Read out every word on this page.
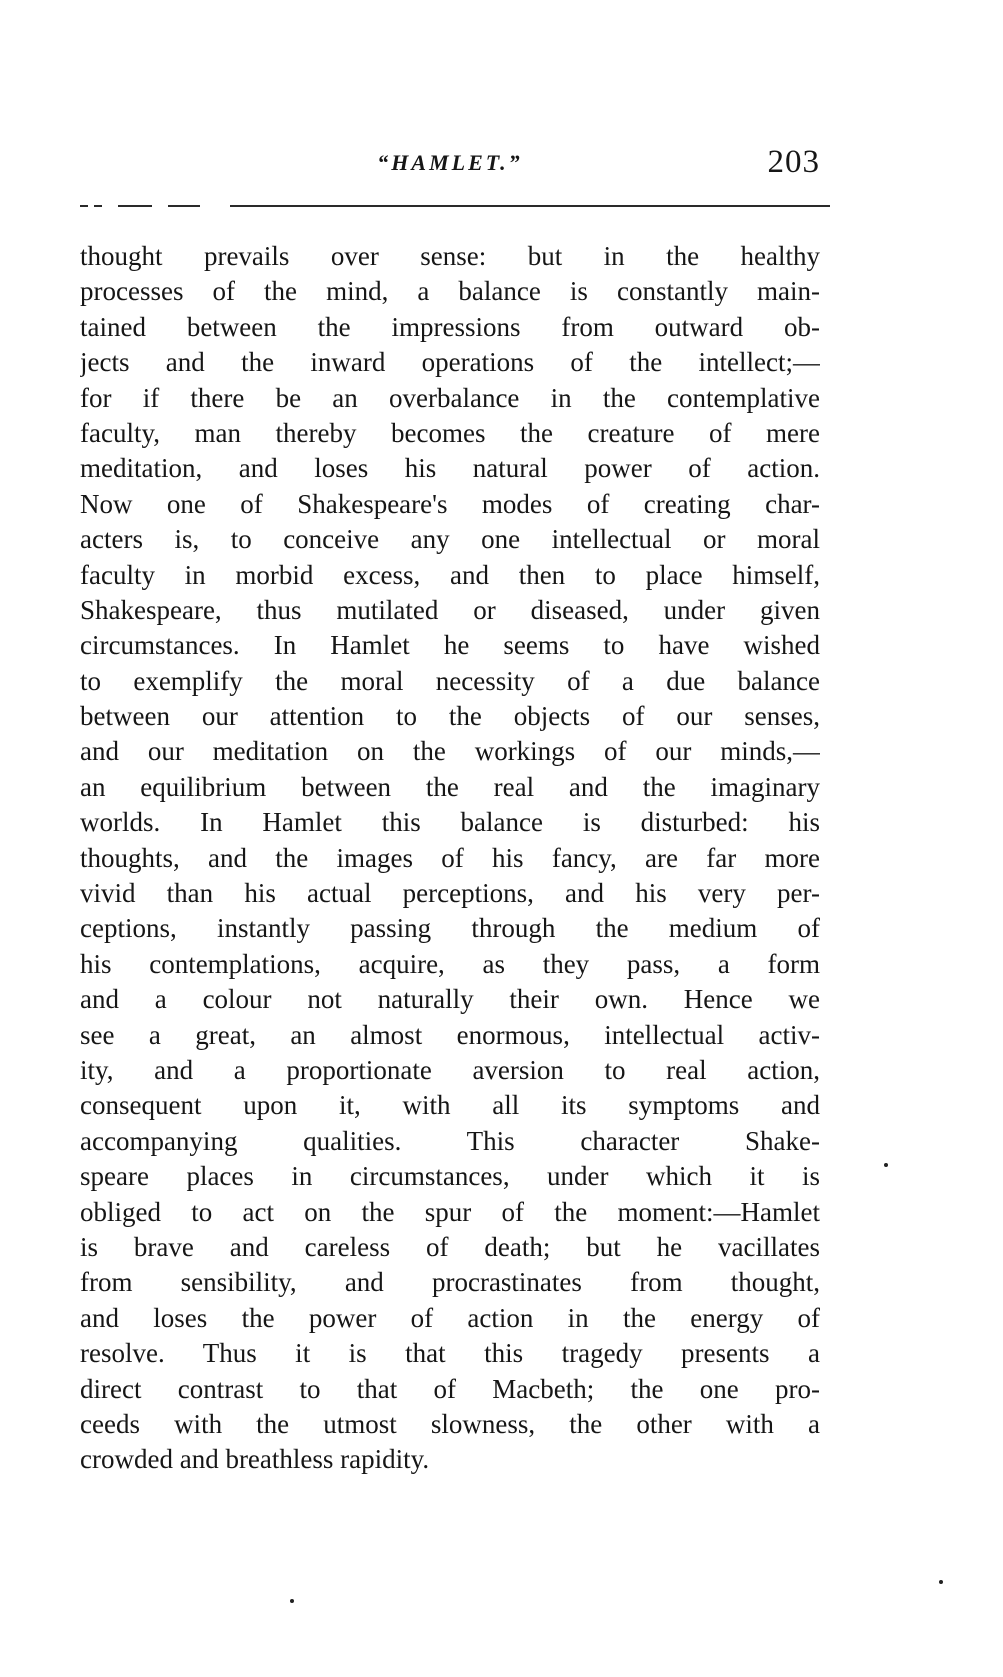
“HAMLET.”	203
thought prevails over sense: but in the healthy
processes of the mind, a balance is constantly main-
tained between the impressions from outward ob-
jects and the inward operations of the intellect;—
for if there be an overbalance in the contemplative
faculty, man thereby becomes the creature of mere
meditation, and loses his natural power of action.
Now one of Shakespeare's modes of creating char-
acters is, to conceive any one intellectual or moral
faculty in morbid excess, and then to place himself,
Shakespeare, thus mutilated or diseased, under given
circumstances. In Hamlet he seems to have wished
to exemplify the moral necessity of a due balance
between our attention to the objects of our senses,
and our meditation on the workings of our minds,—
an equilibrium between the real and the imaginary
worlds. In Hamlet this balance is disturbed: his
thoughts, and the images of his fancy, are far more
vivid than his actual perceptions, and his very per-
ceptions, instantly passing through the medium of
his contemplations, acquire, as they pass, a form
and a colour not naturally their own. Hence we
see a great, an almost enormous, intellectual activ-
ity, and a proportionate aversion to real action,
consequent upon it, with all its symptoms and
accompanying qualities. This character Shake-
speare places in circumstances, under which it is
obliged to act on the spur of the moment:—Hamlet
is brave and careless of death; but he vacillates
from sensibility, and procrastinates from thought,
and loses the power of action in the energy of
resolve. Thus it is that this tragedy presents a
direct contrast to that of Macbeth; the one pro-
ceeds with the utmost slowness, the other with a
crowded and breathless rapidity.
